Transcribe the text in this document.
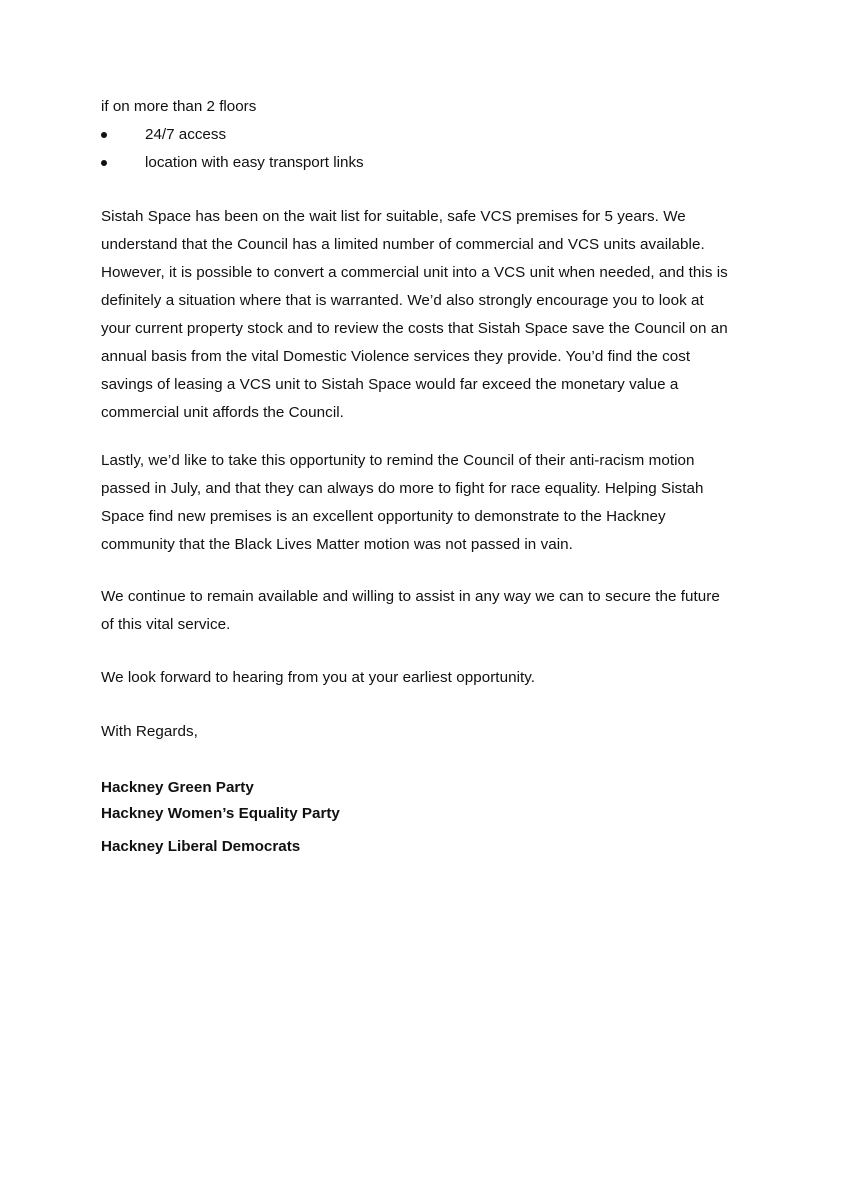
if on more than 2 floors
24/7 access
location with easy transport links

Sistah Space has been on the wait list for suitable, safe VCS premises for 5 years. We

understand that the Council has a limited number of commercial and VCS units available.

However, it is possible to convert a commercial unit into a VCS unit when needed, and this is

definitely a situation where that is warranted. We’d also strongly encourage you to look at

your current property stock and to review the costs that Sistah Space save the Council on an

annual basis from the vital Domestic Violence services they provide. You’d find the cost

savings of leasing a VCS unit to Sistah Space would far exceed the monetary value a

commercial unit affords the Council.

Lastly, we’d like to take this opportunity to remind the Council of their anti-racism motion

passed in July, and that they can always do more to fight for race equality. Helping Sistah

Space find new premises is an excellent opportunity to demonstrate to the Hackney

community that the Black Lives Matter motion was not passed in vain.

We continue to remain available and willing to assist in any way we can to secure the future

of this vital service.

We look forward to hearing from you at your earliest opportunity.

With Regards,

Hackney Green Party
Hackney Women’s Equality Party
Hackney Liberal Democrats
